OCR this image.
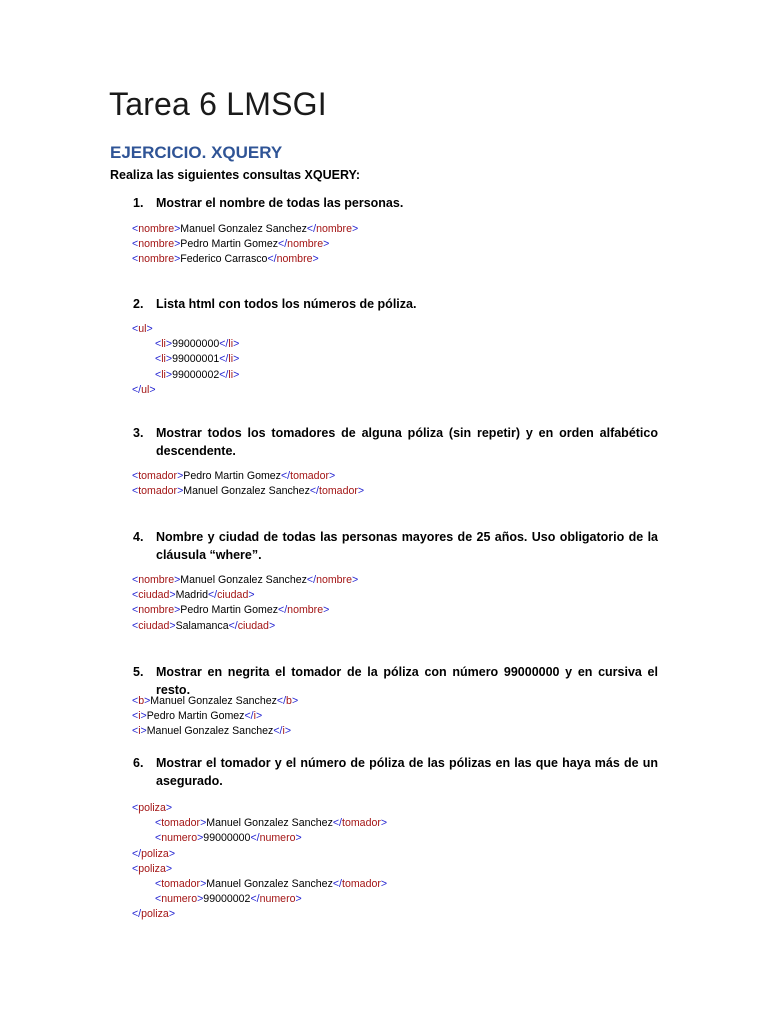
Tarea 6 LMSGI
EJERCICIO. XQUERY

Realiza las siguientes consultas XQUERY:

1. Mostrar el nombre de todas las personas.
<nombre>Manuel Gonzalez Sanchez</nombre>
<nombre>Pedro Martin Gomez</nombre>
<nombre>Federico Carrasco</nombre>
2. Lista html con todos los números de póliza.
<ul>
<li>99000000</li>
<li>99000001</li>
<li>99000002</li>
</ul>
3. Mostrar todos los tomadores de alguna póliza (sin repetir) y en orden alfabético descendente.
<tomador>Pedro Martin Gomez</tomador>
<tomador>Manuel Gonzalez Sanchez</tomador>
4. Nombre y ciudad de todas las personas mayores de 25 años. Uso obligatorio de la cláusula “where”.
<nombre>Manuel Gonzalez Sanchez</nombre>
<ciudad>Madrid</ciudad>
<nombre>Pedro Martin Gomez</nombre>
<ciudad>Salamanca</ciudad>
5. Mostrar en negrita el tomador de la póliza con número 99000000 y en cursiva el resto.
<b>Manuel Gonzalez Sanchez</b>
<i>Pedro Martin Gomez</i>
<i>Manuel Gonzalez Sanchez</i>
6. Mostrar el tomador y el número de póliza de las pólizas en las que haya más de un asegurado.
<poliza>
<tomador>Manuel Gonzalez Sanchez</tomador>
<numero>99000000</numero>
</poliza>
<poliza>
<tomador>Manuel Gonzalez Sanchez</tomador>
<numero>99000002</numero>
</poliza>
